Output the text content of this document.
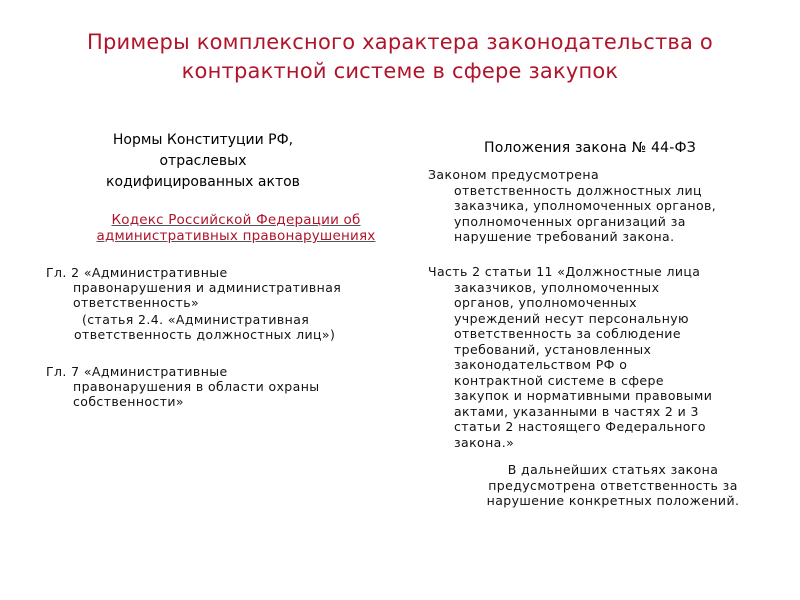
Примеры комплексного характера законодательства о
контрактной системе в сфере закупок
Нормы Конституции РФ,
отраслевых
кодифицированных актов
Кодекс Российской Федерации об
административных правонарушениях
Гл. 2 «Административные
правонарушения и административная
ответственность»
(статья 2.4. «Административная
ответственность должностных лиц»)
Гл. 7 «Административные
правонарушения в области охраны
собственности»
Положения закона № 44-ФЗ
Законом предусмотрена
ответственность должностных лиц
заказчика, уполномоченных органов,
уполномоченных организаций за
нарушение требований закона.
Часть 2 статьи 11 «Должностные лица
заказчиков, уполномоченных
органов, уполномоченных
учреждений несут персональную
ответственность за соблюдение
требований, установленных
законодательством РФ о
контрактной системе в сфере
закупок и нормативными правовыми
актами, указанными в частях 2 и 3
статьи 2 настоящего Федерального
закона.»
В дальнейших статьях закона
предусмотрена ответственность за
нарушение конкретных положений.
